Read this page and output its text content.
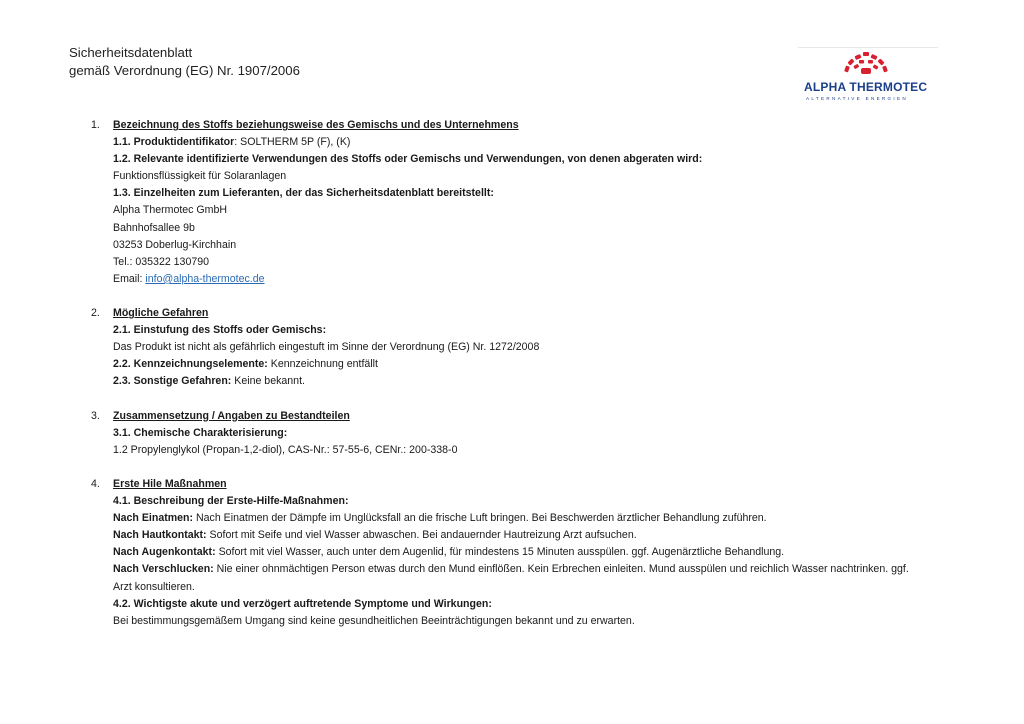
Sicherheitsdatenblatt
gemäß Verordnung (EG) Nr. 1907/2006
ALPHA THERMOTEC
ALTERNATIVE ENERGIEN
1. Bezeichnung des Stoffs beziehungsweise des Gemischs und des Unternehmens
1.1. Produktidentifikator: SOLTHERM 5P (F), (K)
1.2. Relevante identifizierte Verwendungen des Stoffs oder Gemischs und Verwendungen, von denen abgeraten wird:
Funktionsflüssigkeit für Solaranlagen
1.3. Einzelheiten zum Lieferanten, der das Sicherheitsdatenblatt bereitstellt:
Alpha Thermotec GmbH
Bahnhofsallee 9b
03253 Doberlug-Kirchhain
Tel.: 035322 130790
Email: info@alpha-thermotec.de
2. Mögliche Gefahren
2.1. Einstufung des Stoffs oder Gemischs:
Das Produkt ist nicht als gefährlich eingestuft im Sinne der Verordnung (EG) Nr. 1272/2008
2.2. Kennzeichnungselemente: Kennzeichnung entfällt
2.3. Sonstige Gefahren: Keine bekannt.
3. Zusammensetzung / Angaben zu Bestandteilen
3.1. Chemische Charakterisierung:
1.2 Propylenglykol (Propan-1,2-diol), CAS-Nr.: 57-55-6, CENr.: 200-338-0
4. Erste Hile Maßnahmen
4.1. Beschreibung der Erste-Hilfe-Maßnahmen:
Nach Einatmen: Nach Einatmen der Dämpfe im Unglücksfall an die frische Luft bringen. Bei Beschwerden ärztlicher Behandlung zuführen.
Nach Hautkontakt: Sofort mit Seife und viel Wasser abwaschen. Bei andauernder Hautreizung Arzt aufsuchen.
Nach Augenkontakt: Sofort mit viel Wasser, auch unter dem Augenlid, für mindestens 15 Minuten ausspülen. ggf. Augenärztliche Behandlung.
Nach Verschlucken: Nie einer ohnmächtigen Person etwas durch den Mund einflößen. Kein Erbrechen einleiten. Mund ausspülen und reichlich Wasser nachtrinken. ggf. Arzt konsultieren.
4.2. Wichtigste akute und verzögert auftretende Symptome und Wirkungen:
Bei bestimmungsgemäßem Umgang sind keine gesundheitlichen Beeinträchtigungen bekannt und zu erwarten.
